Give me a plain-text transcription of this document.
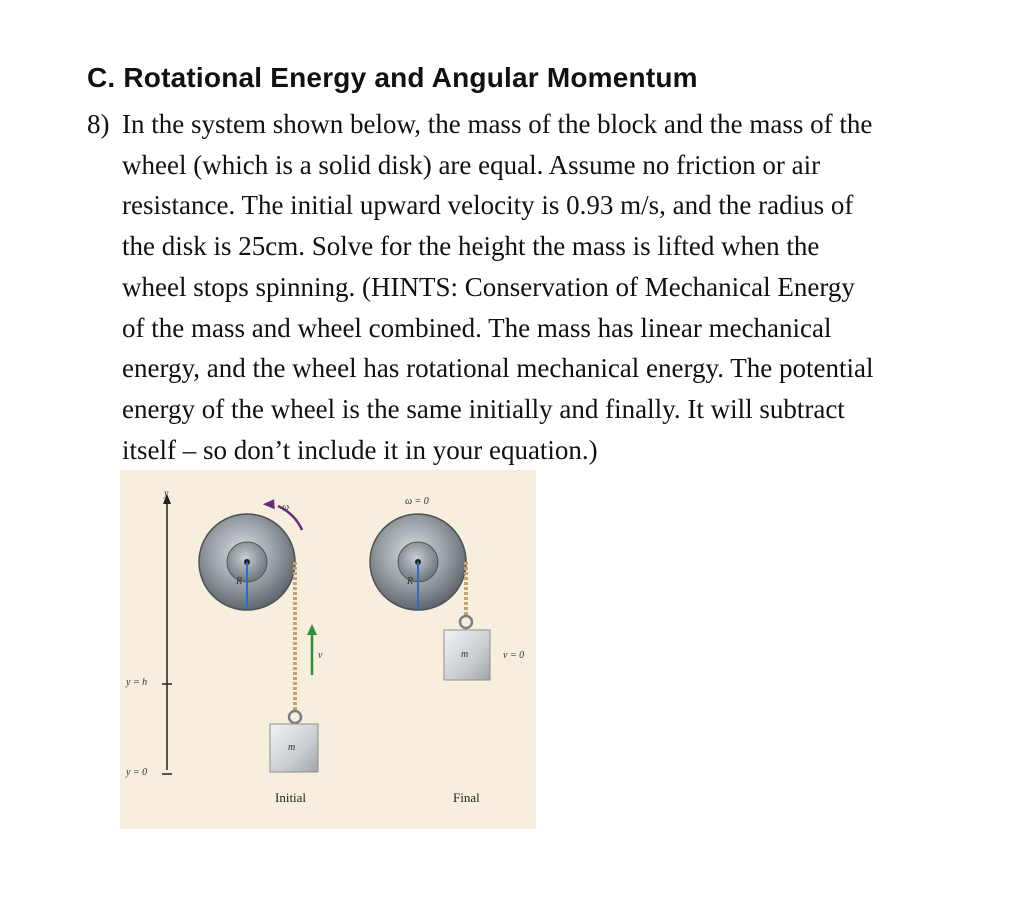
C. Rotational Energy and Angular Momentum
8) In the system shown below, the mass of the block and the mass of the
wheel (which is a solid disk) are equal. Assume no friction or air
resistance. The initial upward velocity is 0.93 m/s, and the radius of
the disk is 25cm. Solve for the height the mass is lifted when the
wheel stops spinning. (HINTS: Conservation of Mechanical Energy
of the mass and wheel combined. The mass has linear mechanical
energy, and the wheel has rotational mechanical energy. The potential
energy of the wheel is the same initially and finally. It will subtract
itself – so don’t include it in your equation.)
y
y = h
y = 0
ω
R
v
m
Initial
ω = 0
R
v = 0
m
Final
